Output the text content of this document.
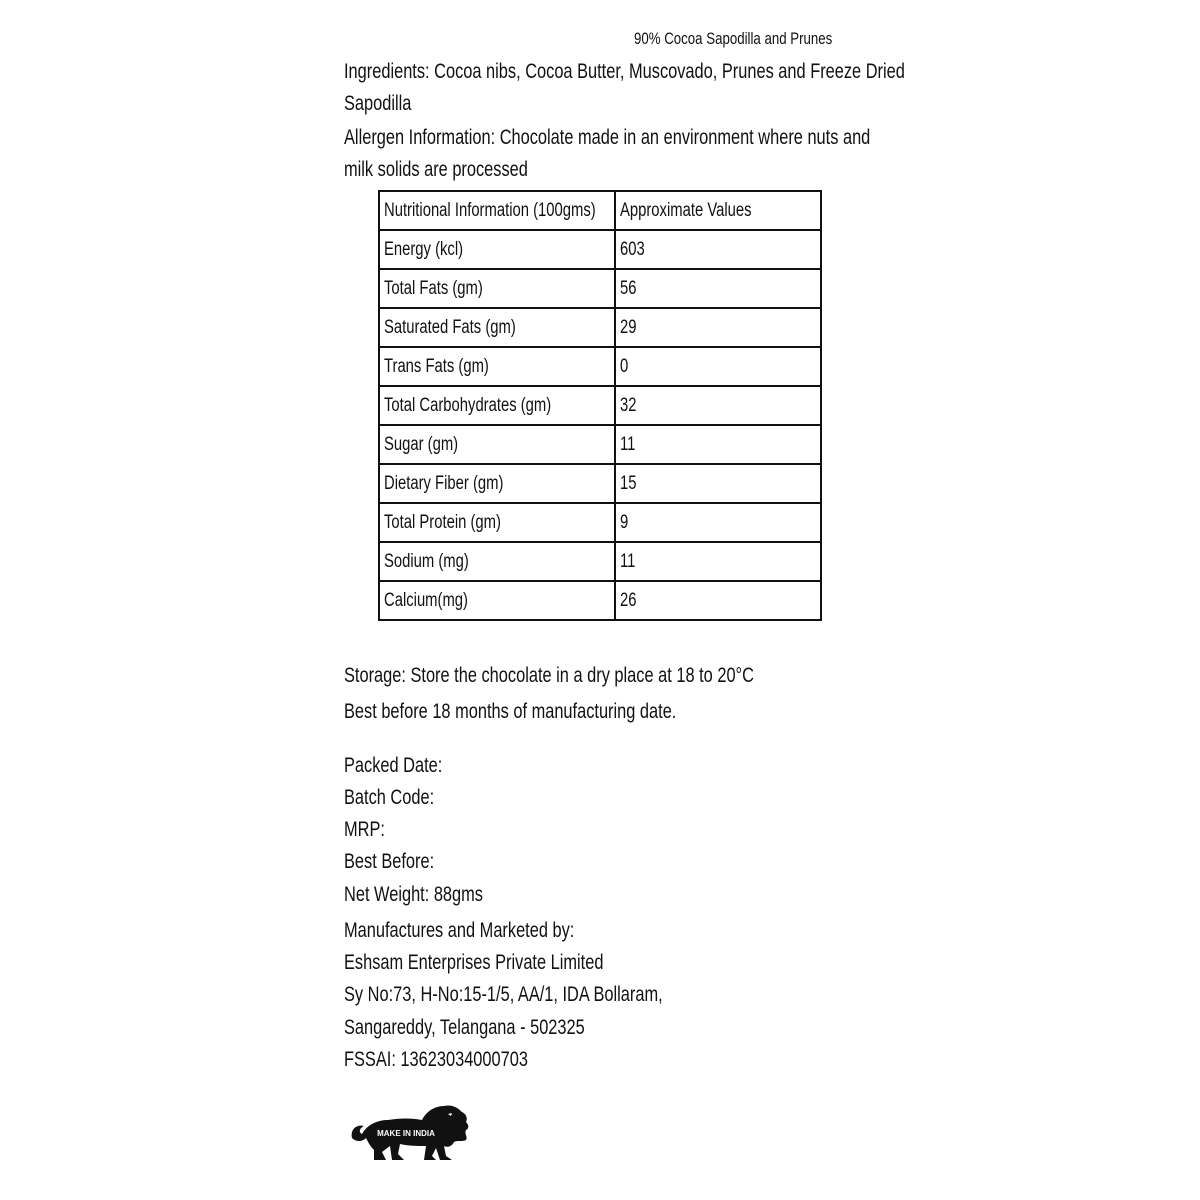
90% Cocoa Sapodilla and Prunes
Ingredients: Cocoa nibs, Cocoa Butter, Muscovado, Prunes and Freeze Dried
Sapodilla
Allergen Information: Chocolate made in an environment where nuts and
milk solids are processed
Nutritional Information (100gms)	Approximate Values
Energy (kcl)	603
Total Fats (gm)	56
Saturated Fats (gm)	29
Trans Fats (gm)	0
Total Carbohydrates (gm)	32
Sugar (gm)	11
Dietary Fiber (gm)	15
Total Protein (gm)	9
Sodium (mg)	11
Calcium(mg)	26
Storage: Store the chocolate in a dry place at 18 to 20°C
Best before 18 months of manufacturing date.
Packed Date:
Batch Code:
MRP:
Best Before:
Net Weight: 88gms
Manufactures and Marketed by:
Eshsam Enterprises Private Limited
Sy No:73, H-No:15-1/5, AA/1, IDA Bollaram,
Sangareddy, Telangana - 502325
FSSAI: 13623034000703
MAKE IN INDIA
